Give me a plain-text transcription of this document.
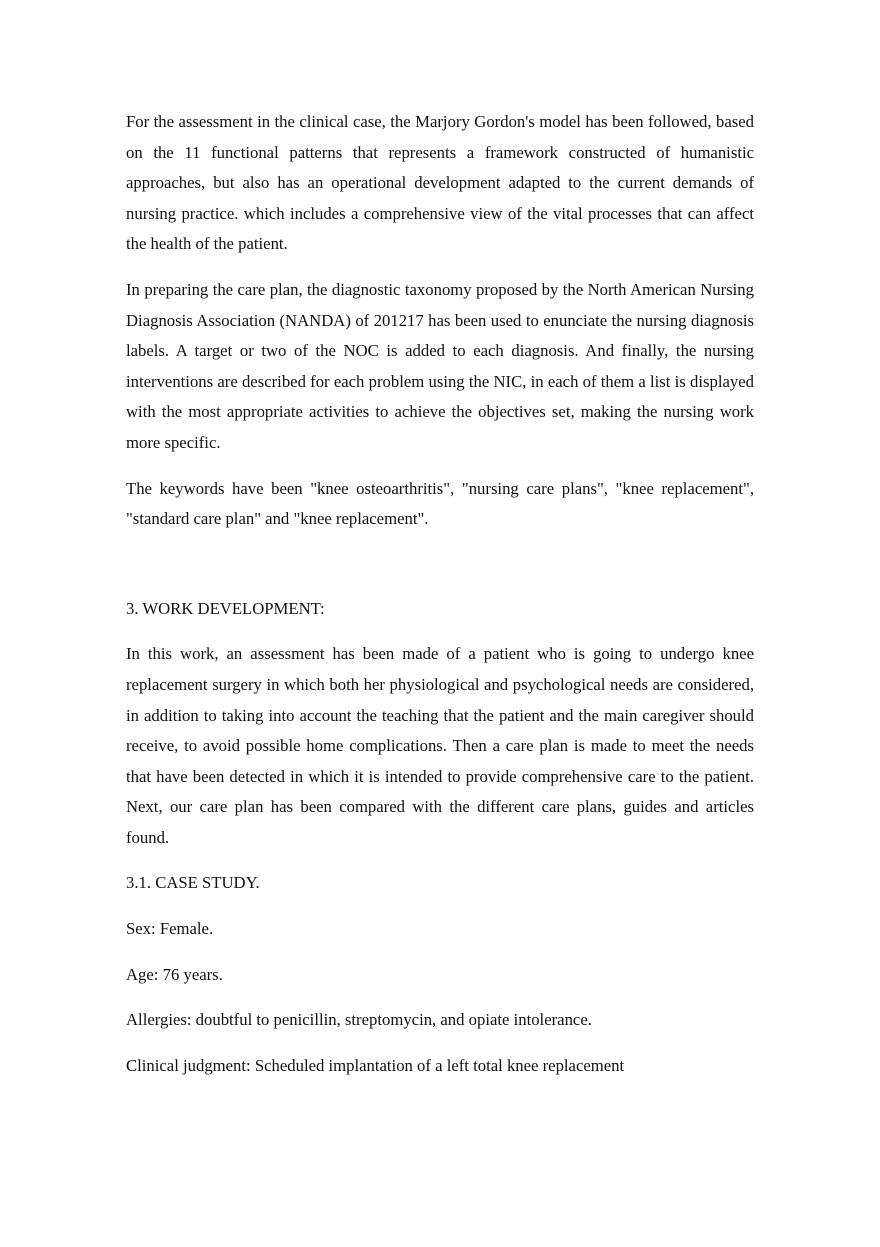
For the assessment in the clinical case, the Marjory Gordon's model has been followed, based on the 11 functional patterns that represents a framework constructed of humanistic approaches, but also has an operational development adapted to the current demands of nursing practice. which includes a comprehensive view of the vital processes that can affect the health of the patient.

In preparing the care plan, the diagnostic taxonomy proposed by the North American Nursing Diagnosis Association (NANDA) of 201217 has been used to enunciate the nursing diagnosis labels. A target or two of the NOC is added to each diagnosis. And finally, the nursing interventions are described for each problem using the NIC, in each of them a list is displayed with the most appropriate activities to achieve the objectives set, making the nursing work more specific.

The keywords have been "knee osteoarthritis", "nursing care plans", "knee replacement", "standard care plan" and "knee replacement".

3. WORK DEVELOPMENT:

In this work, an assessment has been made of a patient who is going to undergo knee replacement surgery in which both her physiological and psychological needs are considered, in addition to taking into account the teaching that the patient and the main caregiver should receive, to avoid possible home complications. Then a care plan is made to meet the needs that have been detected in which it is intended to provide comprehensive care to the patient. Next, our care plan has been compared with the different care plans, guides and articles found.

3.1. CASE STUDY.

Sex: Female.

Age: 76 years.

Allergies: doubtful to penicillin, streptomycin, and opiate intolerance.

Clinical judgment: Scheduled implantation of a left total knee replacement
